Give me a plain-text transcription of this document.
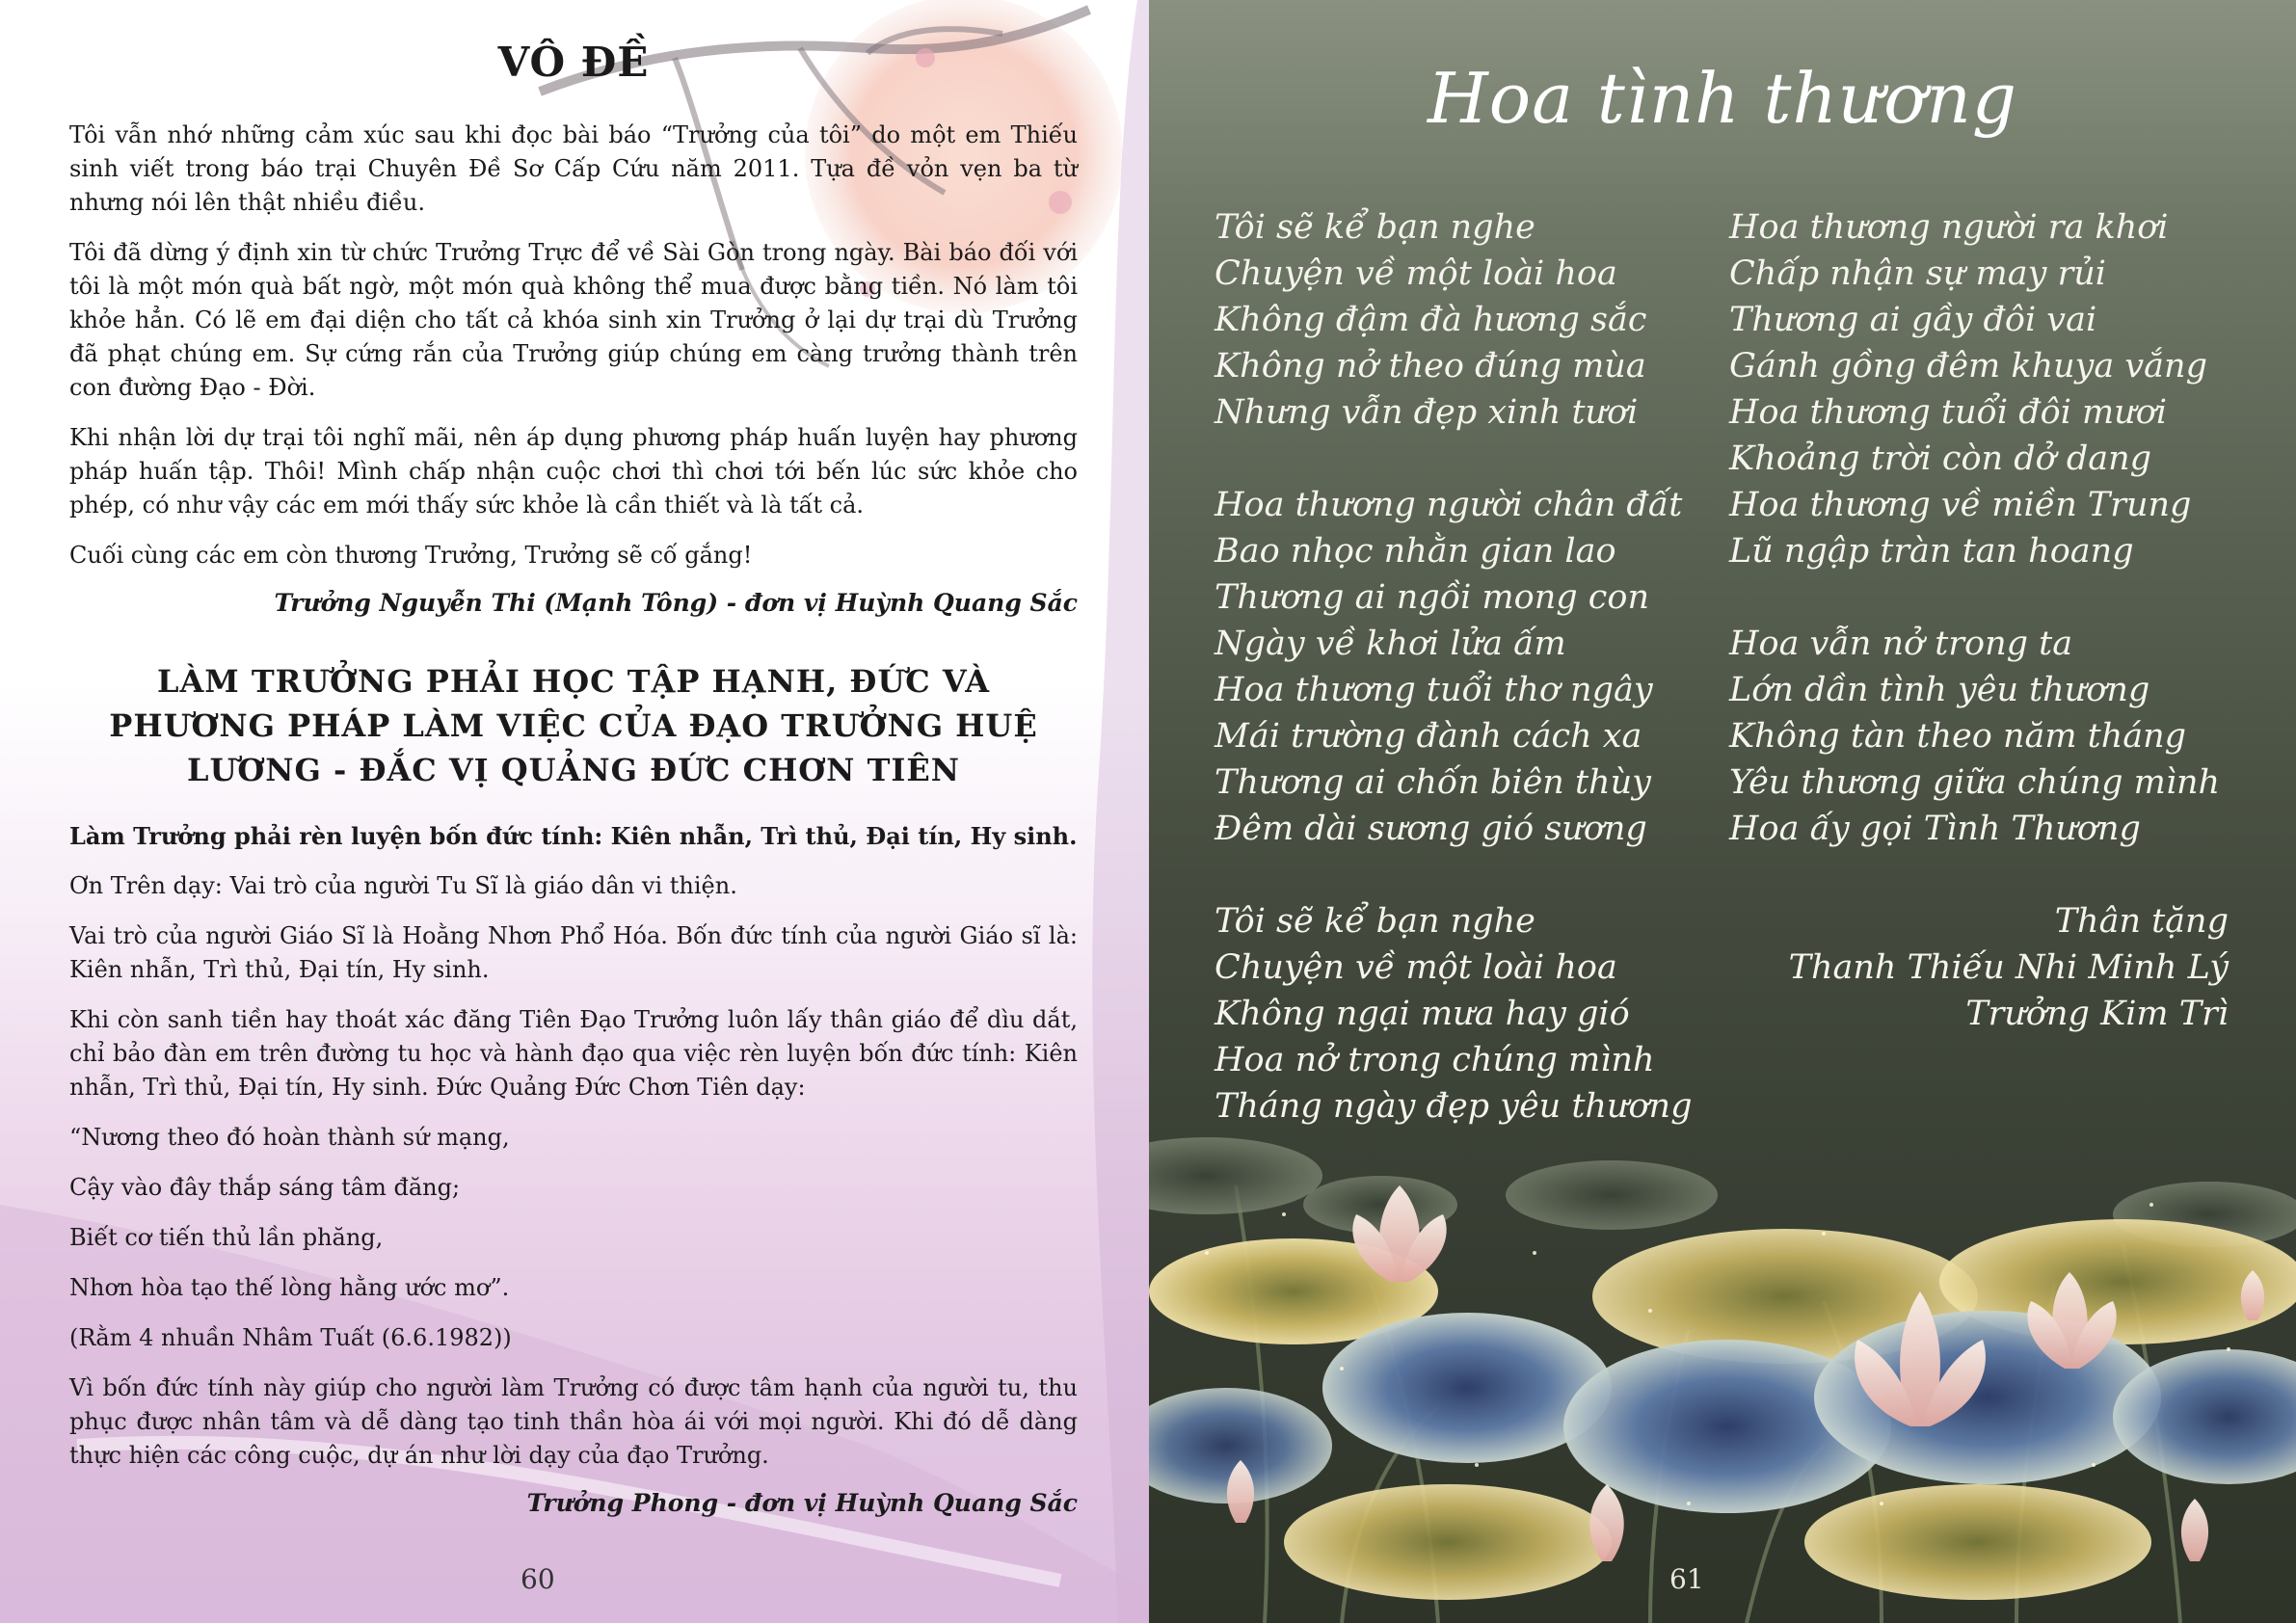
VÔ ĐỀ

Tôi vẫn nhớ những cảm xúc sau khi đọc bài báo “Trưởng của tôi” do một em Thiếu sinh viết trong báo trại Chuyên Đề Sơ Cấp Cứu năm 2011. Tựa đề vỏn vẹn ba từ nhưng nói lên thật nhiều điều.

Tôi đã dừng ý định xin từ chức Trưởng Trực để về Sài Gòn trong ngày. Bài báo đối với tôi là một món quà bất ngờ, một món quà không thể mua được bằng tiền. Nó làm tôi khỏe hẳn. Có lẽ em đại diện cho tất cả khóa sinh xin Trưởng ở lại dự trại dù Trưởng đã phạt chúng em. Sự cứng rắn của Trưởng giúp chúng em càng trưởng thành trên con đường Đạo - Đời.

Khi nhận lời dự trại tôi nghĩ mãi, nên áp dụng phương pháp huấn luyện hay phương pháp huấn tập. Thôi! Mình chấp nhận cuộc chơi thì chơi tới bến lúc sức khỏe cho phép, có như vậy các em mới thấy sức khỏe là cần thiết và là tất cả.

Cuối cùng các em còn thương Trưởng, Trưởng sẽ cố gắng!

Trưởng Nguyễn Thi (Mạnh Tông) - đơn vị Huỳnh Quang Sắc
LÀM TRƯỞNG PHẢI HỌC TẬP HẠNH, ĐỨC VÀ PHƯƠNG PHÁP LÀM VIỆC CỦA ĐẠO TRƯỞNG HUỆ LƯƠNG - ĐẮC VỊ QUẢNG ĐỨC CHƠN TIÊN
Làm Trưởng phải rèn luyện bốn đức tính: Kiên nhẫn, Trì thủ, Đại tín, Hy sinh.

Ơn Trên dạy: Vai trò của người Tu Sĩ là giáo dân vi thiện.

Vai trò của người Giáo Sĩ là Hoằng Nhơn Phổ Hóa. Bốn đức tính của người Giáo sĩ là: Kiên nhẫn, Trì thủ, Đại tín, Hy sinh.

Khi còn sanh tiền hay thoát xác đăng Tiên Đạo Trưởng luôn lấy thân giáo để dìu dắt, chỉ bảo đàn em trên đường tu học và hành đạo qua việc rèn luyện bốn đức tính: Kiên nhẫn, Trì thủ, Đại tín, Hy sinh. Đức Quảng Đức Chơn Tiên dạy:

“Nương theo đó hoàn thành sứ mạng,

Cậy vào đây thắp sáng tâm đăng;

Biết cơ tiến thủ lần phăng,

Nhơn hòa tạo thế lòng hằng ước mơ”.

(Rằm 4 nhuần Nhâm Tuất (6.6.1982))

Vì bốn đức tính này giúp cho người làm Trưởng có được tâm hạnh của người tu, thu phục được nhân tâm và dễ dàng tạo tinh thần hòa ái với mọi người. Khi đó dễ dàng thực hiện các công cuộc, dự án như lời dạy của đạo Trưởng.

Trưởng Phong - đơn vị Huỳnh Quang Sắc
60
Hoa tình thương
Tôi sẽ kể bạn nghe
Chuyện về một loài hoa
Không đậm đà hương sắc
Không nở theo đúng mùa
Nhưng vẫn đẹp xinh tươi
Hoa thương người chân đất
Bao nhọc nhằn gian lao
Thương ai ngồi mong con
Ngày về khơi lửa ấm
Hoa thương tuổi thơ ngây
Mái trường đành cách xa
Thương ai chốn biên thùy
Đêm dài sương gió sương
Tôi sẽ kể bạn nghe
Chuyện về một loài hoa
Không ngại mưa hay gió
Hoa nở trong chúng mình
Tháng ngày đẹp yêu thương
Hoa thương người ra khơi
Chấp nhận sự may rủi
Thương ai gầy đôi vai
Gánh gồng đêm khuya vắng
Hoa thương tuổi đôi mươi
Khoảng trời còn dở dang
Hoa thương về miền Trung
Lũ ngập tràn tan hoang
Hoa vẫn nở trong ta
Lớn dần tình yêu thương
Không tàn theo năm tháng
Yêu thương giữa chúng mình
Hoa ấy gọi Tình Thương
Thân tặng
Thanh Thiếu Nhi Minh Lý
Trưởng Kim Trì
61
